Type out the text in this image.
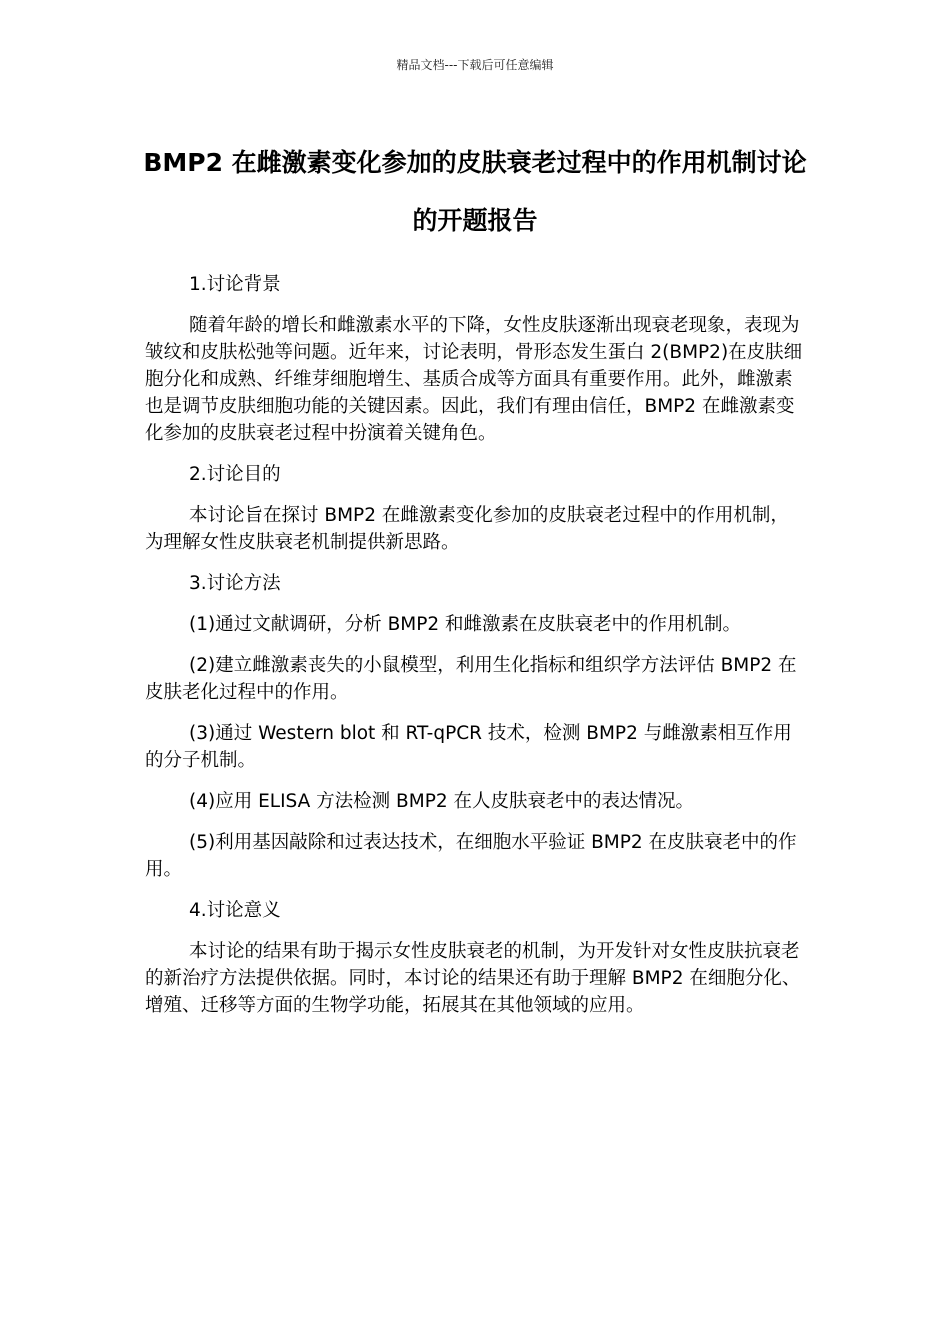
精品文档---下载后可任意编辑
BMP2 在雌激素变化参加的皮肤衰老过程中的作用机制讨论的开题报告

1.讨论背景

随着年龄的增长和雌激素水平的下降，女性皮肤逐渐出现衰老现象，表现为皱纹和皮肤松弛等问题。近年来，讨论表明，骨形态发生蛋白 2(BMP2)在皮肤细胞分化和成熟、纤维芽细胞增生、基质合成等方面具有重要作用。此外，雌激素也是调节皮肤细胞功能的关键因素。因此，我们有理由信任，BMP2 在雌激素变化参加的皮肤衰老过程中扮演着关键角色。

2.讨论目的

本讨论旨在探讨 BMP2 在雌激素变化参加的皮肤衰老过程中的作用机制，为理解女性皮肤衰老机制提供新思路。

3.讨论方法

(1)通过文献调研，分析 BMP2 和雌激素在皮肤衰老中的作用机制。

(2)建立雌激素丧失的小鼠模型，利用生化指标和组织学方法评估 BMP2 在皮肤老化过程中的作用。

(3)通过 Western blot 和 RT-qPCR 技术，检测 BMP2 与雌激素相互作用的分子机制。

(4)应用 ELISA 方法检测 BMP2 在人皮肤衰老中的表达情况。

(5)利用基因敲除和过表达技术，在细胞水平验证 BMP2 在皮肤衰老中的作用。

4.讨论意义

本讨论的结果有助于揭示女性皮肤衰老的机制，为开发针对女性皮肤抗衰老的新治疗方法提供依据。同时，本讨论的结果还有助于理解 BMP2 在细胞分化、增殖、迁移等方面的生物学功能，拓展其在其他领域的应用。
